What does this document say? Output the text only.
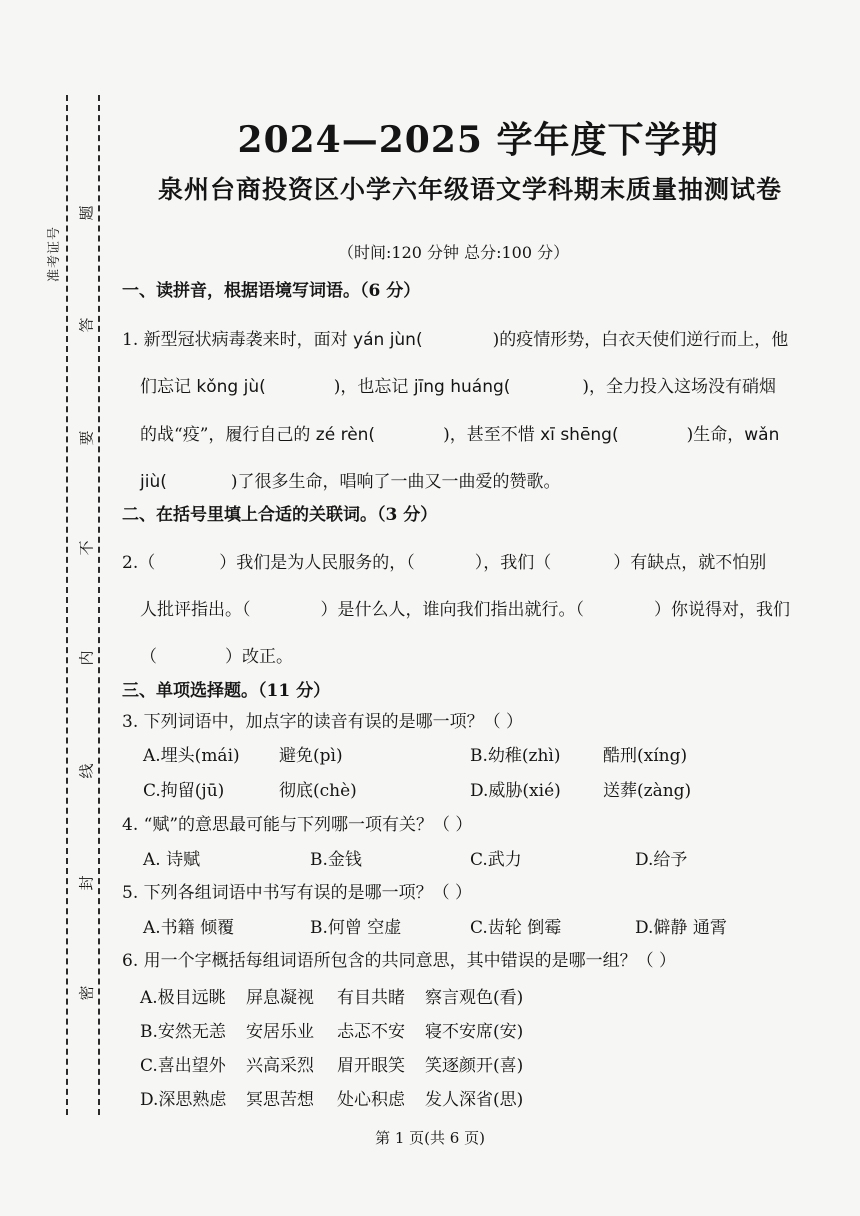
题
答
要
不
内
线
封
密
准考证号
2024—2025 学年度下学期
泉州台商投资区小学六年级语文学科期末质量抽测试卷
（时间:120 分钟 总分:100 分）
一、读拼音，根据语境写词语。（6 分）
1. 新型冠状病毒袭来时，面对 yán jùn(	)的疫情形势，白衣天使们逆行而上，他
们忘记 kǒng jù(	)，也忘记 jīng huáng(	)，全力投入这场没有硝烟
的战“疫”，履行自己的 zé rèn(	)，甚至不惜 xī shēng(	)生命，wǎn
jiù(	)了很多生命，唱响了一曲又一曲爱的赞歌。
二、在括号里填上合适的关联词。（3 分）
2.（	）我们是为人民服务的，（	），我们（	）有缺点，就不怕别
人批评指出。（	）是什么人，谁向我们指出就行。（	）你说得对，我们
（	）改正。
三、单项选择题。（11 分）
3. 下列词语中，加点字的读音有误的是哪一项？（ ）
A.埋头(mái) 避免(pì)	B.幼稚(zhì) 酷刑(xíng)
C.拘留(jū)	彻底(chè)	D.威胁(xié) 送葬(zàng)
4. “赋”的意思最可能与下列哪一项有关？（ ）
A. 诗赋	B.金钱	C.武力	D.给予
5. 下列各组词语中书写有误的是哪一项？（ ）
A.书籍 倾覆	B.何曾 空虚	C.齿轮 倒霉	D.僻静 通霄
6. 用一个字概括每组词语所包含的共同意思，其中错误的是哪一组？（ ）
A.极目远眺 屏息凝视 有目共睹 察言观色(看)
B.安然无恙 安居乐业 忐忑不安 寝不安席(安)
C.喜出望外 兴高采烈 眉开眼笑 笑逐颜开(喜)
D.深思熟虑 冥思苦想 处心积虑 发人深省(思)
第 1 页(共 6 页)
